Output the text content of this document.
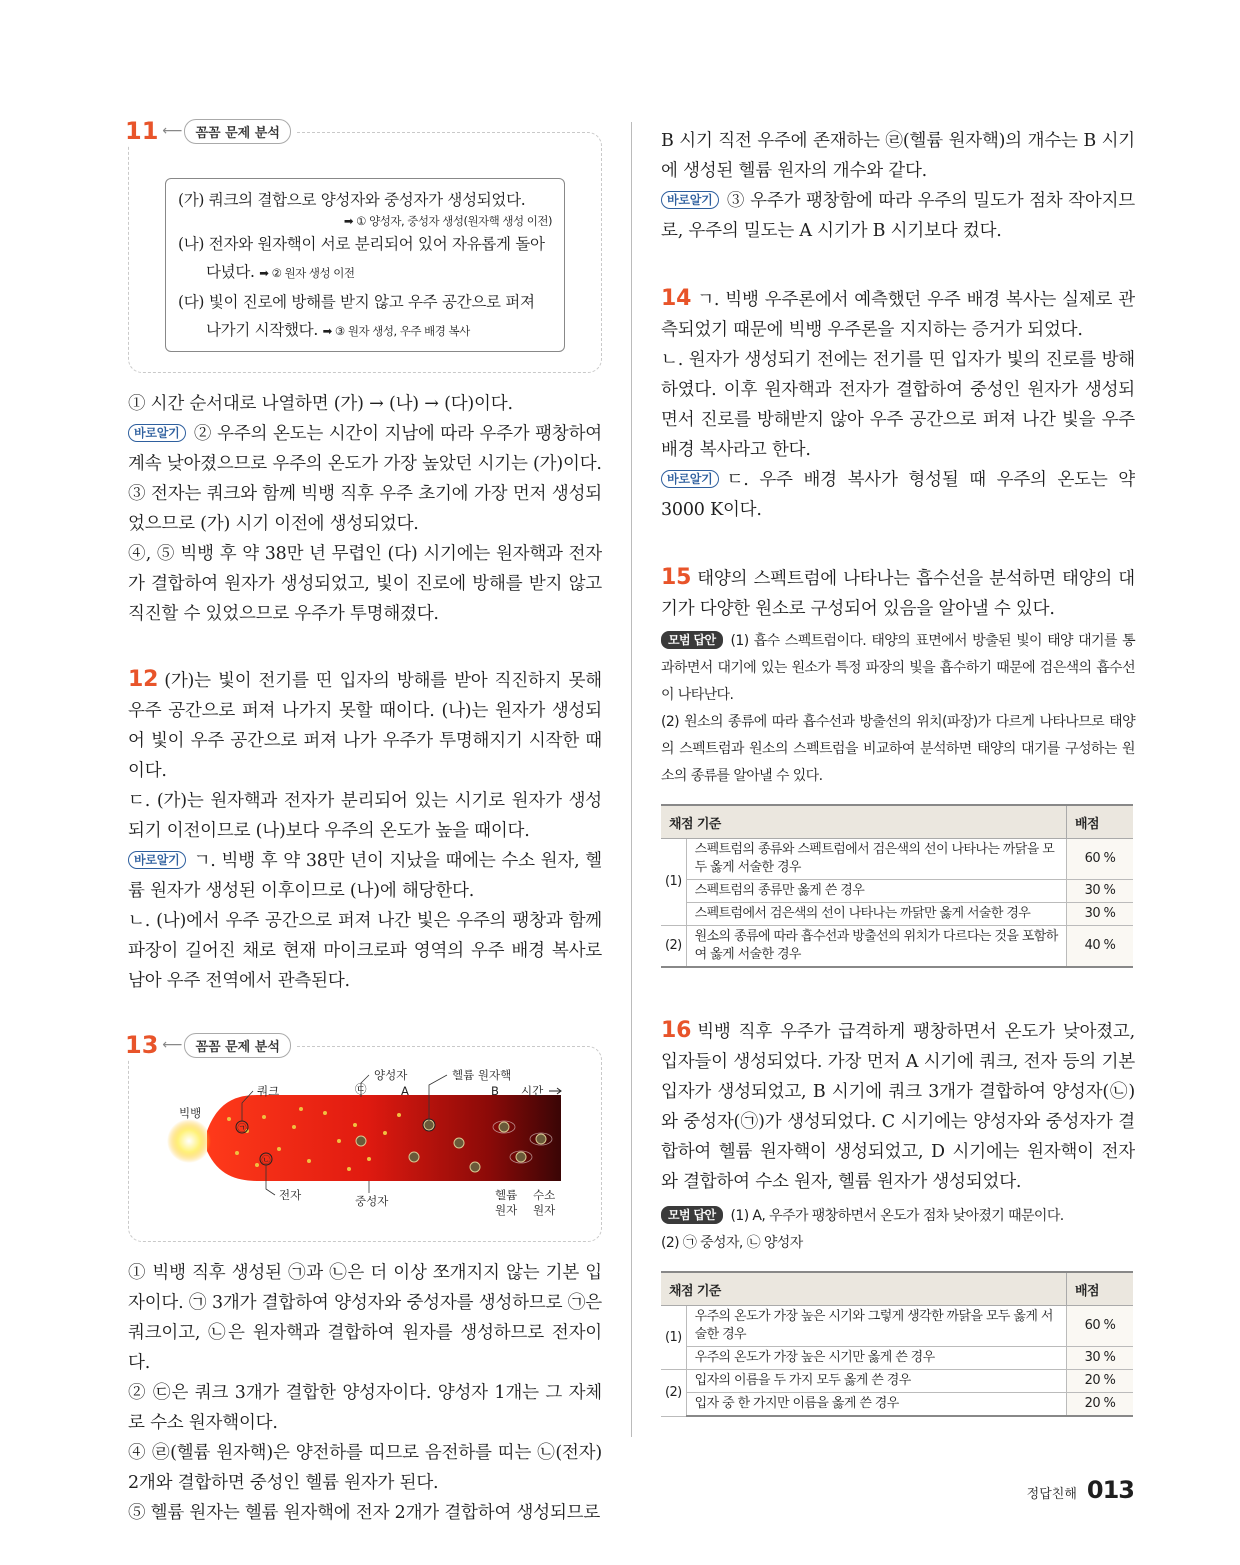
11 ⟵	꼼꼼 문제 분석

(가) 쿼크의 결합으로 양성자와 중성자가 생성되었다.

➡ ① 양성자, 중성자 생성(원자핵 생성 이전)

(나) 전자와 원자핵이 서로 분리되어 있어 자유롭게 돌아

다녔다. ➡ ② 원자 생성 이전

(다) 빛이 진로에 방해를 받지 않고 우주 공간으로 퍼져

나가기 시작했다. ➡ ③ 원자 생성, 우주 배경 복사

① 시간 순서대로 나열하면 (가) → (나) → (다)이다.

바로알기 ② 우주의 온도는 시간이 지남에 따라 우주가 팽창하여 계속 낮아졌으므로 우주의 온도가 가장 높았던 시기는 (가)이다.

③ 전자는 쿼크와 함께 빅뱅 직후 우주 초기에 가장 먼저 생성되었으므로 (가) 시기 이전에 생성되었다.

④, ⑤ 빅뱅 후 약 38만 년 무렵인 (다) 시기에는 원자핵과 전자가 결합하여 원자가 생성되었고, 빛이 진로에 방해를 받지 않고 직진할 수 있었으므로 우주가 투명해졌다.

12 (가)는 빛이 전기를 띤 입자의 방해를 받아 직진하지 못해 우주 공간으로 퍼져 나가지 못할 때이다. (나)는 원자가 생성되어 빛이 우주 공간으로 퍼져 나가 우주가 투명해지기 시작한 때이다.

ㄷ. (가)는 원자핵과 전자가 분리되어 있는 시기로 원자가 생성되기 이전이므로 (나)보다 우주의 온도가 높을 때이다.

바로알기 ㄱ. 빅뱅 후 약 38만 년이 지났을 때에는 수소 원자, 헬륨 원자가 생성된 이후이므로 (나)에 해당한다.

ㄴ. (나)에서 우주 공간으로 퍼져 나간 빛은 우주의 팽창과 함께 파장이 길어진 채로 현재 마이크로파 영역의 우주 배경 복사로 남아 우주 전역에서 관측된다.

13 ⟵	꼼꼼 문제 분석
㉠
㉡
빅뱅
쿼크
전자
양성자
㉢	A
헬륨 원자핵
B 시간
중성자	헬륨
원자
수소
원자

① 빅뱅 직후 생성된 ㉠과 ㉡은 더 이상 쪼개지지 않는 기본 입자이다. ㉠ 3개가 결합하여 양성자와 중성자를 생성하므로 ㉠은 쿼크이고, ㉡은 원자핵과 결합하여 원자를 생성하므로 전자이다.

② ㉢은 쿼크 3개가 결합한 양성자이다. 양성자 1개는 그 자체로 수소 원자핵이다.

④ ㉣(헬륨 원자핵)은 양전하를 띠므로 음전하를 띠는 ㉡(전자) 2개와 결합하면 중성인 헬륨 원자가 된다.

⑤ 헬륨 원자는 헬륨 원자핵에 전자 2개가 결합하여 생성되므로

B 시기 직전 우주에 존재하는 ㉣(헬륨 원자핵)의 개수는 B 시기에 생성된 헬륨 원자의 개수와 같다.

바로알기 ③ 우주가 팽창함에 따라 우주의 밀도가 점차 작아지므로, 우주의 밀도는 A 시기가 B 시기보다 컸다.

14 ㄱ. 빅뱅 우주론에서 예측했던 우주 배경 복사는 실제로 관측되었기 때문에 빅뱅 우주론을 지지하는 증거가 되었다.

ㄴ. 원자가 생성되기 전에는 전기를 띤 입자가 빛의 진로를 방해하였다. 이후 원자핵과 전자가 결합하여 중성인 원자가 생성되면서 진로를 방해받지 않아 우주 공간으로 퍼져 나간 빛을 우주 배경 복사라고 한다.

바로알기 ㄷ. 우주 배경 복사가 형성될 때 우주의 온도는 약 3000 K이다.

15 태양의 스펙트럼에 나타나는 흡수선을 분석하면 태양의 대기가 다양한 원소로 구성되어 있음을 알아낼 수 있다.

모범 답안 (1) 흡수 스펙트럼이다. 태양의 표면에서 방출된 빛이 태양 대기를 통과하면서 대기에 있는 원소가 특정 파장의 빛을 흡수하기 때문에 검은색의 흡수선이 나타난다.

(2) 원소의 종류에 따라 흡수선과 방출선의 위치(파장)가 다르게 나타나므로 태양의 스펙트럼과 원소의 스펙트럼을 비교하여 분석하면 태양의 대기를 구성하는 원소의 종류를 알아낼 수 있다.

채점 기준		배점
(1)	스펙트럼의 종류와 스펙트럼에서 검은색의 선이 나타나는 까닭을 모두 옳게 서술한 경우	60 %
	스펙트럼의 종류만 옳게 쓴 경우	30 %
	스펙트럼에서 검은색의 선이 나타나는 까닭만 옳게 서술한 경우	30 %
(2)	원소의 종류에 따라 흡수선과 방출선의 위치가 다르다는 것을 포함하여 옳게 서술한 경우	40 %

16 빅뱅 직후 우주가 급격하게 팽창하면서 온도가 낮아졌고, 입자들이 생성되었다. 가장 먼저 A 시기에 쿼크, 전자 등의 기본 입자가 생성되었고, B 시기에 쿼크 3개가 결합하여 양성자(㉡)와 중성자(㉠)가 생성되었다. C 시기에는 양성자와 중성자가 결합하여 헬륨 원자핵이 생성되었고, D 시기에는 원자핵이 전자와 결합하여 수소 원자, 헬륨 원자가 생성되었다.

모범 답안 (1) A, 우주가 팽창하면서 온도가 점차 낮아졌기 때문이다.

(2) ㉠ 중성자, ㉡ 양성자

채점 기준		배점
(1)	우주의 온도가 가장 높은 시기와 그렇게 생각한 까닭을 모두 옳게 서술한 경우	60 %
	우주의 온도가 가장 높은 시기만 옳게 쓴 경우	30 %
(2)	입자의 이름을 두 가지 모두 옳게 쓴 경우	20 %
	입자 중 한 가지만 이름을 옳게 쓴 경우	20 %
정답친해 013
